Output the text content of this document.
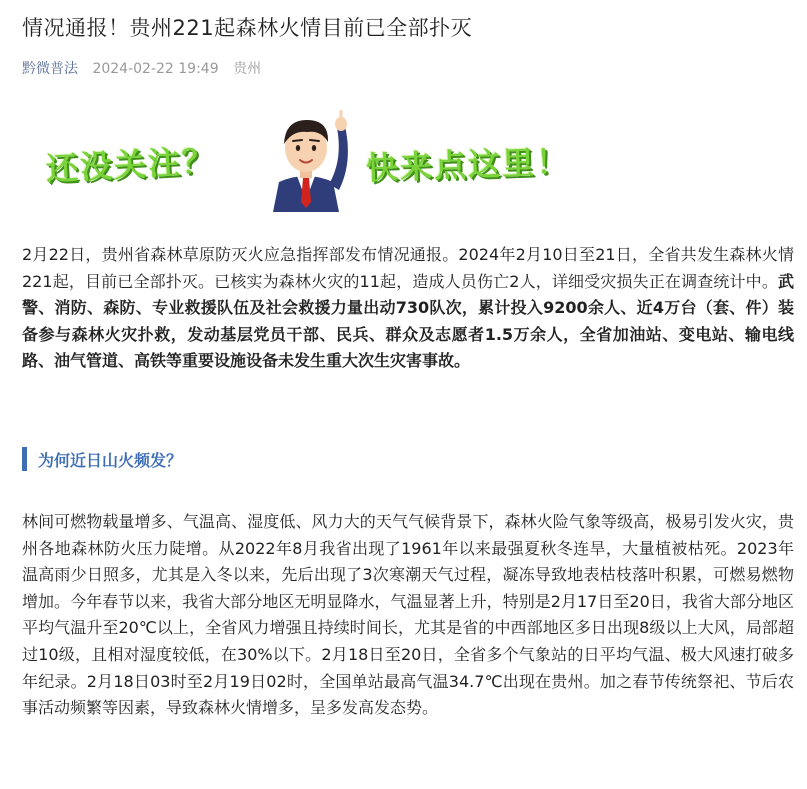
情况通报！贵州221起森林火情目前已全部扑灭
黔微普法 2024-02-22 19:49 贵州
还没关注？	快来点这里！

2月22日，贵州省森林草原防灭火应急指挥部发布情况通报。2024年2月10日至21日，全省共发生森林火情221起，目前已全部扑灭。已核实为森林火灾的11起，造成人员伤亡2人，详细受灾损失正在调查统计中。武警、消防、森防、专业救援队伍及社会救援力量出动730队次，累计投入9200余人、近4万台（套、件）装备参与森林火灾扑救，发动基层党员干部、民兵、群众及志愿者1.5万余人，全省加油站、变电站、输电线路、油气管道、高铁等重要设施设备未发生重大次生灾害事故。

为何近日山火频发？

林间可燃物载量增多、气温高、湿度低、风力大的天气气候背景下，森林火险气象等级高，极易引发火灾，贵州各地森林防火压力陡增。从2022年8月我省出现了1961年以来最强夏秋冬连旱，大量植被枯死。2023年温高雨少日照多，尤其是入冬以来，先后出现了3次寒潮天气过程，凝冻导致地表枯枝落叶积累，可燃易燃物增加。今年春节以来，我省大部分地区无明显降水，气温显著上升，特别是2月17日至20日，我省大部分地区平均气温升至20℃以上，全省风力增强且持续时间长，尤其是省的中西部地区多日出现8级以上大风，局部超过10级，且相对湿度较低，在30%以下。2月18日至20日，全省多个气象站的日平均气温、极大风速打破多年纪录。2月18日03时至2月19日02时，全国单站最高气温34.7℃出现在贵州。加之春节传统祭祀、节后农事活动频繁等因素，导致森林火情增多，呈多发高发态势。
